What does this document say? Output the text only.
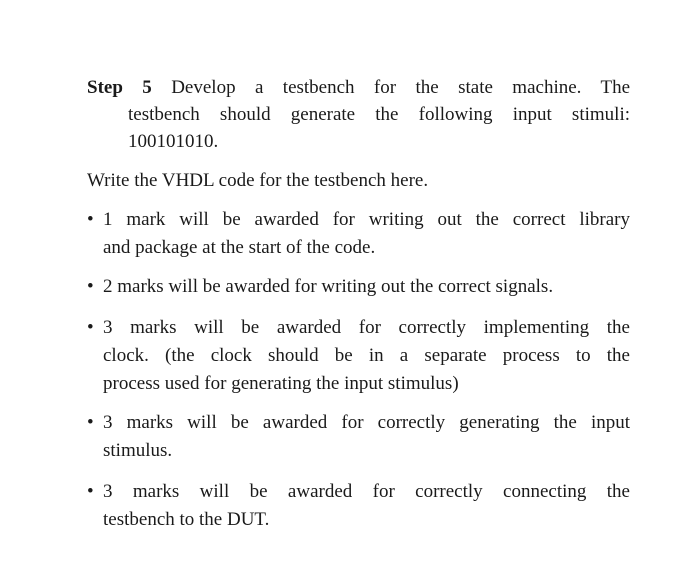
Step 5 Develop a testbench for the state machine. The
testbench should generate the following input stimuli:
100101010.
Write the VHDL code for the testbench here.
• 1 mark will be awarded for writing out the correct library
and package at the start of the code.
• 2 marks will be awarded for writing out the correct signals.
• 3 marks will be awarded for correctly implementing the
clock. (the clock should be in a separate process to the
process used for generating the input stimulus)
• 3 marks will be awarded for correctly generating the input
stimulus.
• 3 marks will be awarded for correctly connecting the
testbench to the DUT.
